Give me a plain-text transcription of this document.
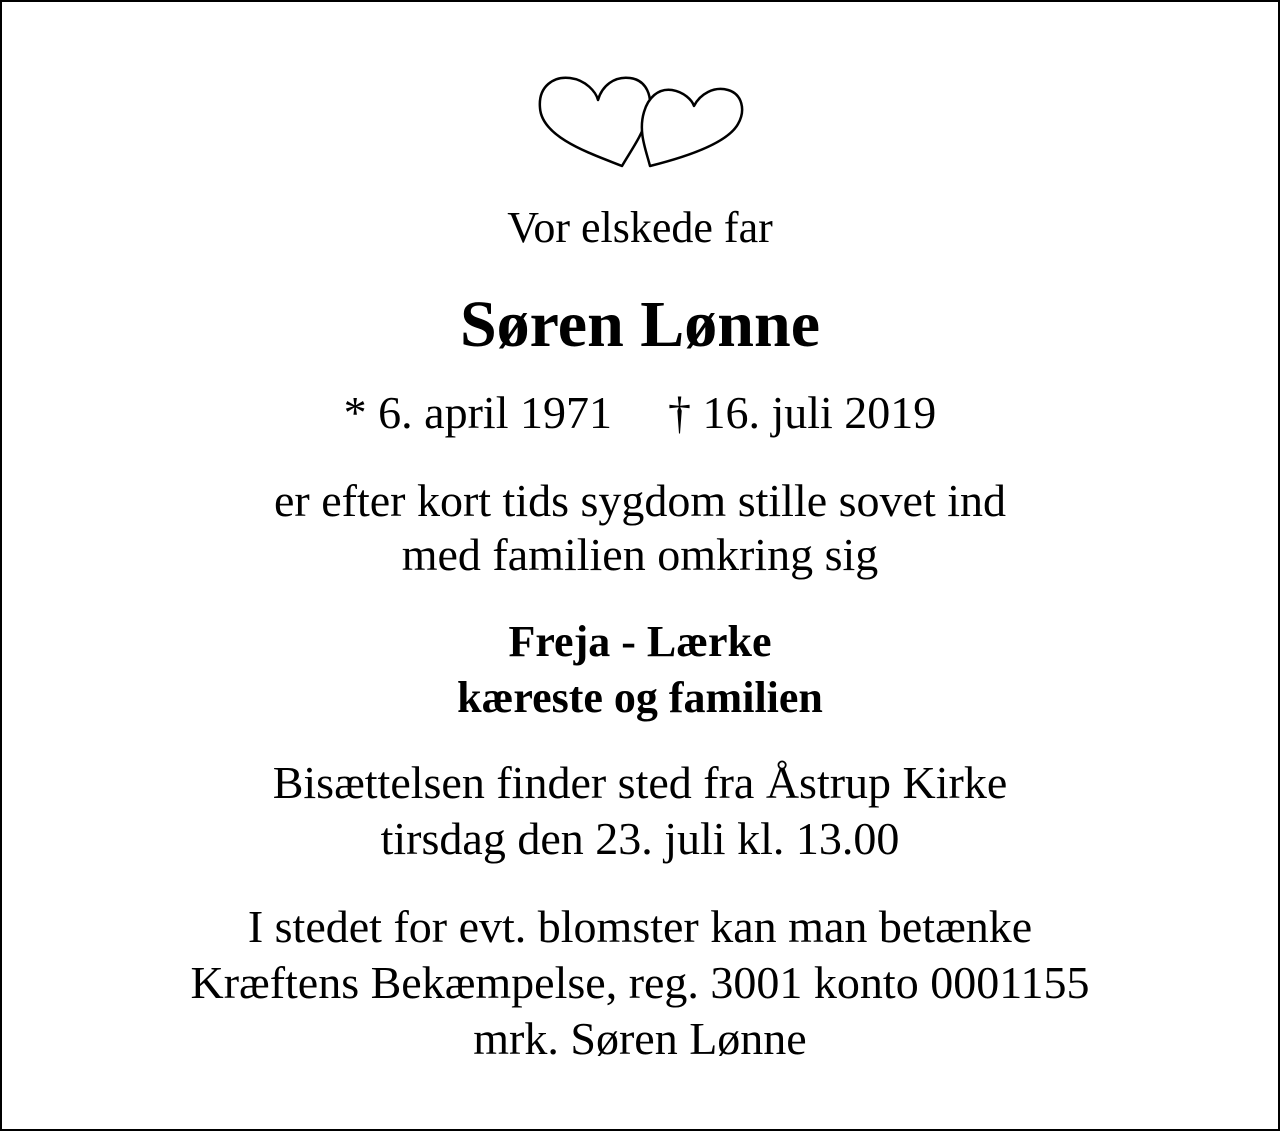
Vor elskede far
Søren Lønne
* 6. april 1971 † 16. juli 2019
er efter kort tids sygdom stille sovet ind
med familien omkring sig
Freja - Lærke
kæreste og familien
Bisættelsen finder sted fra Åstrup Kirke
tirsdag den 23. juli kl. 13.00
I stedet for evt. blomster kan man betænke
Kræftens Bekæmpelse, reg. 3001 konto 0001155
mrk. Søren Lønne
